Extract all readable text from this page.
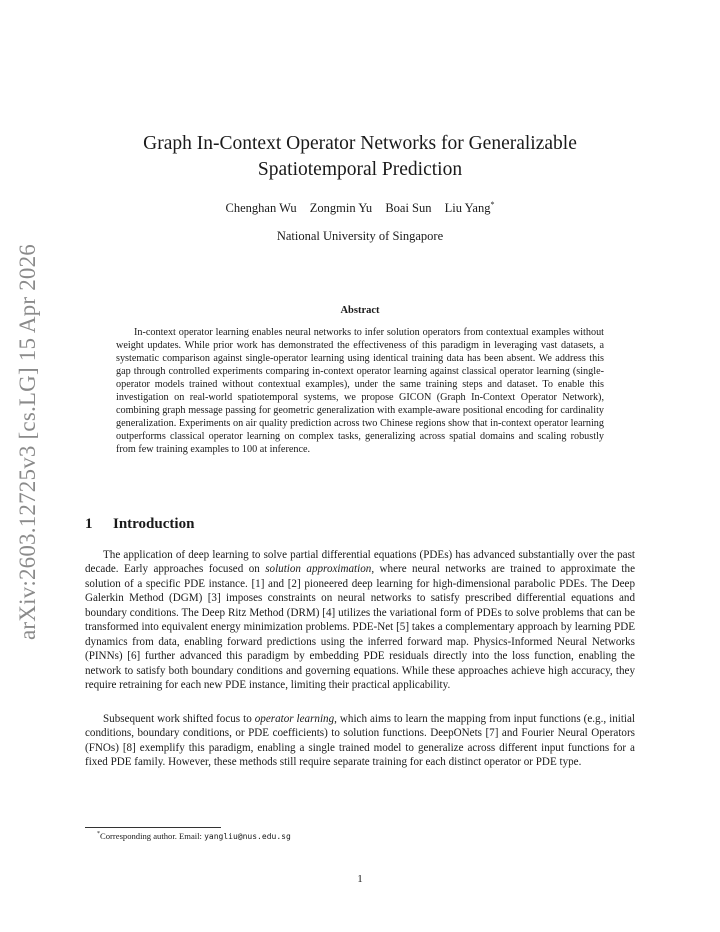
arXiv:2603.12725v3 [cs.LG] 15 Apr 2026
Graph In-Context Operator Networks for Generalizable
Spatiotemporal Prediction
Chenghan Wu Zongmin Yu Boai Sun Liu Yang*
National University of Singapore
Abstract
In-context operator learning enables neural networks to infer solution operators from contextual examples without weight updates. While prior work has demonstrated the effectiveness of this paradigm in leveraging vast datasets, a systematic comparison against single-operator learning using identical training data has been absent. We address this gap through controlled experiments comparing in-context operator learning against classical operator learning (single-operator models trained without contextual examples), under the same training steps and dataset. To enable this investigation on real-world spatiotemporal systems, we propose GICON (Graph In-Context Operator Network), combining graph message passing for geometric generalization with example-aware positional encoding for cardinality generalization. Experiments on air quality prediction across two Chinese regions show that in-context operator learning outperforms classical operator learning on complex tasks, generalizing across spatial domains and scaling robustly from few training examples to 100 at inference.
1 Introduction
The application of deep learning to solve partial differential equations (PDEs) has advanced substantially over the past decade. Early approaches focused on solution approximation, where neural networks are trained to approximate the solution of a specific PDE instance. [1] and [2] pioneered deep learning for high-dimensional parabolic PDEs. The Deep Galerkin Method (DGM) [3] imposes constraints on neural networks to satisfy prescribed differential equations and boundary conditions. The Deep Ritz Method (DRM) [4] utilizes the variational form of PDEs to solve problems that can be transformed into equivalent energy minimization problems. PDE-Net [5] takes a complementary approach by learning PDE dynamics from data, enabling forward predictions using the inferred forward map. Physics-Informed Neural Networks (PINNs) [6] further advanced this paradigm by embedding PDE residuals directly into the loss function, enabling the network to satisfy both boundary conditions and governing equations. While these approaches achieve high accuracy, they require retraining for each new PDE instance, limiting their practical applicability.
Subsequent work shifted focus to operator learning, which aims to learn the mapping from input functions (e.g., initial conditions, boundary conditions, or PDE coefficients) to solution functions. DeepONets [7] and Fourier Neural Operators (FNOs) [8] exemplify this paradigm, enabling a single trained model to generalize across different input functions for a fixed PDE family. However, these methods still require separate training for each distinct operator or PDE type.
*Corresponding author. Email: yangliu@nus.edu.sg
1
